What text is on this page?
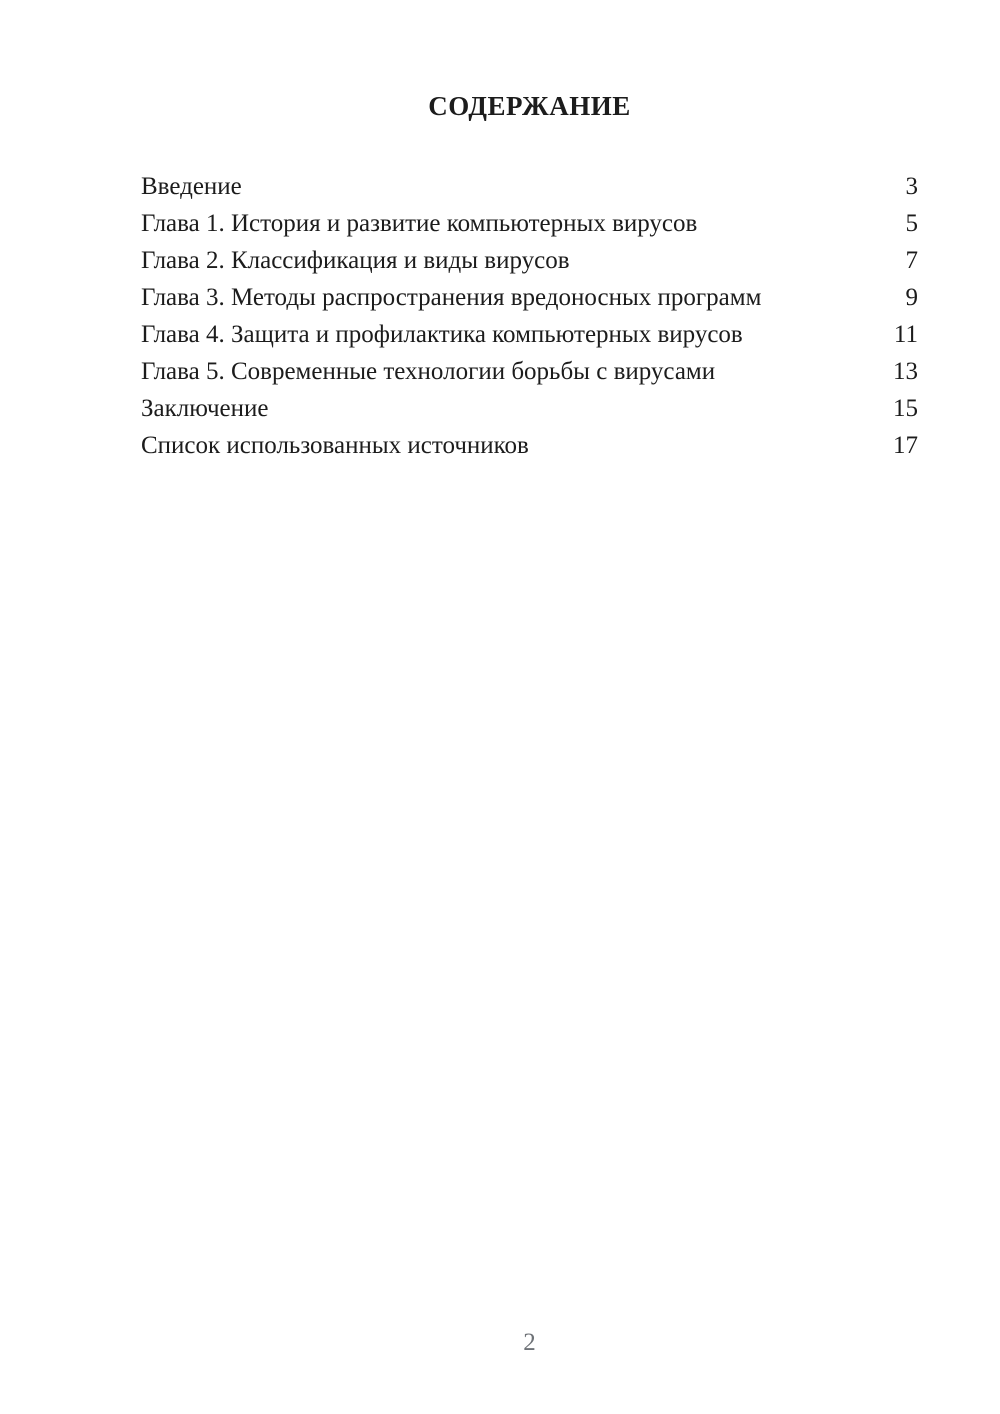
СОДЕРЖАНИЕ
Введение	3
Глава 1. История и развитие компьютерных вирусов	5
Глава 2. Классификация и виды вирусов	7
Глава 3. Методы распространения вредоносных программ	9
Глава 4. Защита и профилактика компьютерных вирусов	11
Глава 5. Современные технологии борьбы с вирусами	13
Заключение	15
Список использованных источников	17
2
